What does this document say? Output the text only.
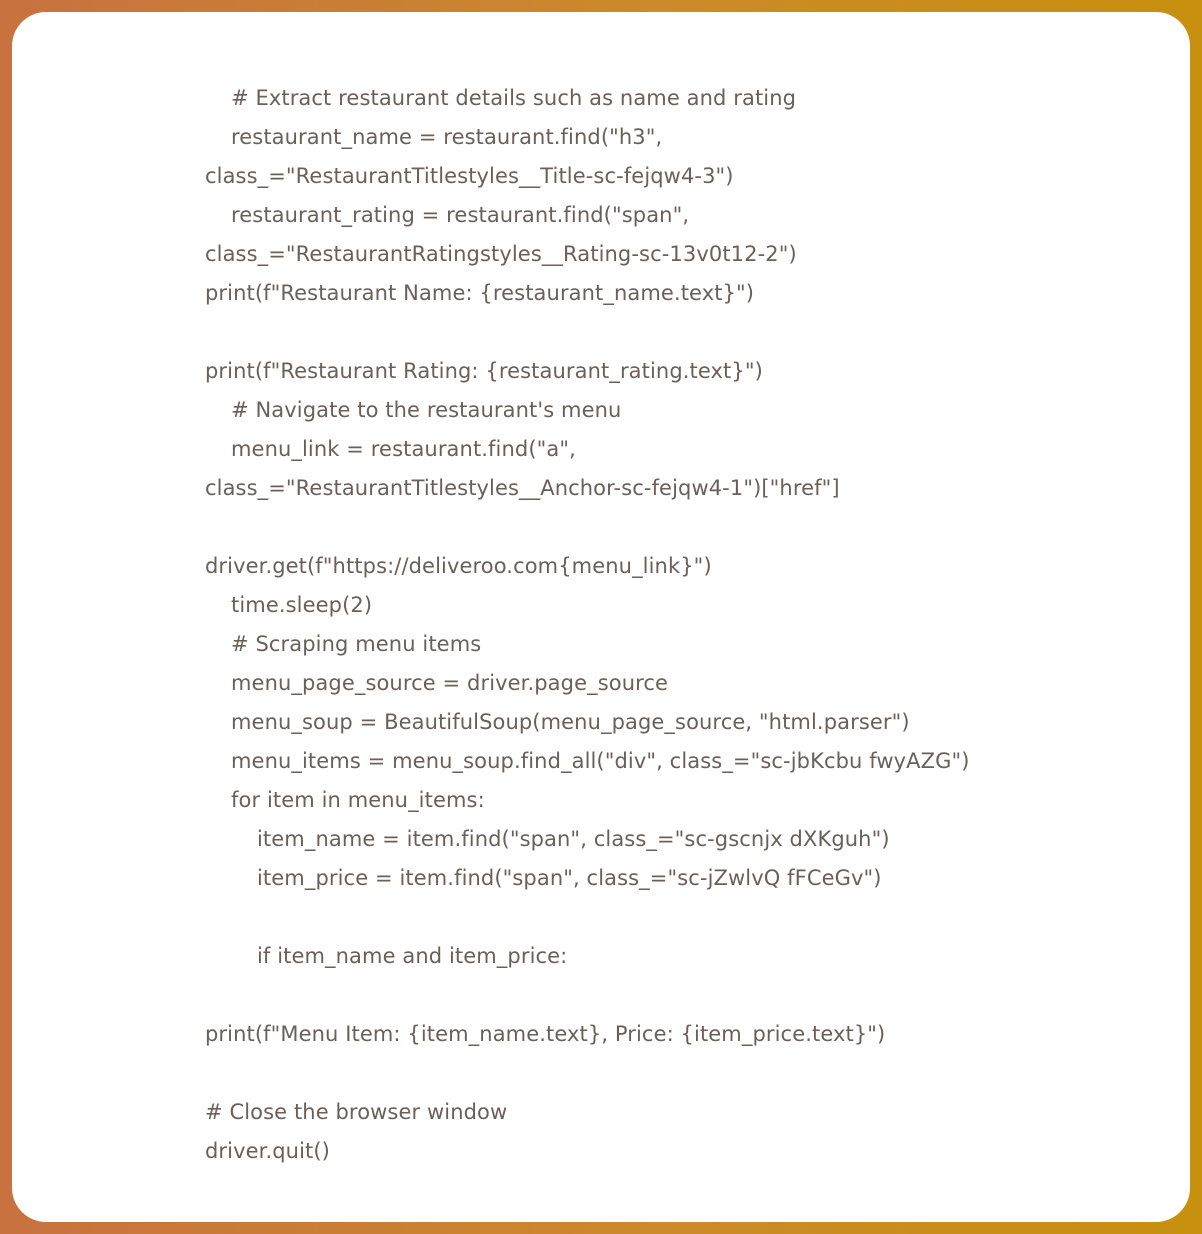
# Extract restaurant details such as name and rating
restaurant_name = restaurant.find("h3",
class_="RestaurantTitlestyles__Title-sc-fejqw4-3")
restaurant_rating = restaurant.find("span",
class_="RestaurantRatingstyles__Rating-sc-13v0t12-2")
print(f"Restaurant Name: {restaurant_name.text}")
print(f"Restaurant Rating: {restaurant_rating.text}")
# Navigate to the restaurant's menu
menu_link = restaurant.find("a",
class_="RestaurantTitlestyles__Anchor-sc-fejqw4-1")["href"]
driver.get(f"https://deliveroo.com{menu_link}")
time.sleep(2)
# Scraping menu items
menu_page_source = driver.page_source
menu_soup = BeautifulSoup(menu_page_source, "html.parser")
menu_items = menu_soup.find_all("div", class_="sc-jbKcbu fwyAZG")
for item in menu_items:
item_name = item.find("span", class_="sc-gscnjx dXKguh")
item_price = item.find("span", class_="sc-jZwlvQ fFCeGv")
if item_name and item_price:
print(f"Menu Item: {item_name.text}, Price: {item_price.text}")
# Close the browser window
driver.quit()
